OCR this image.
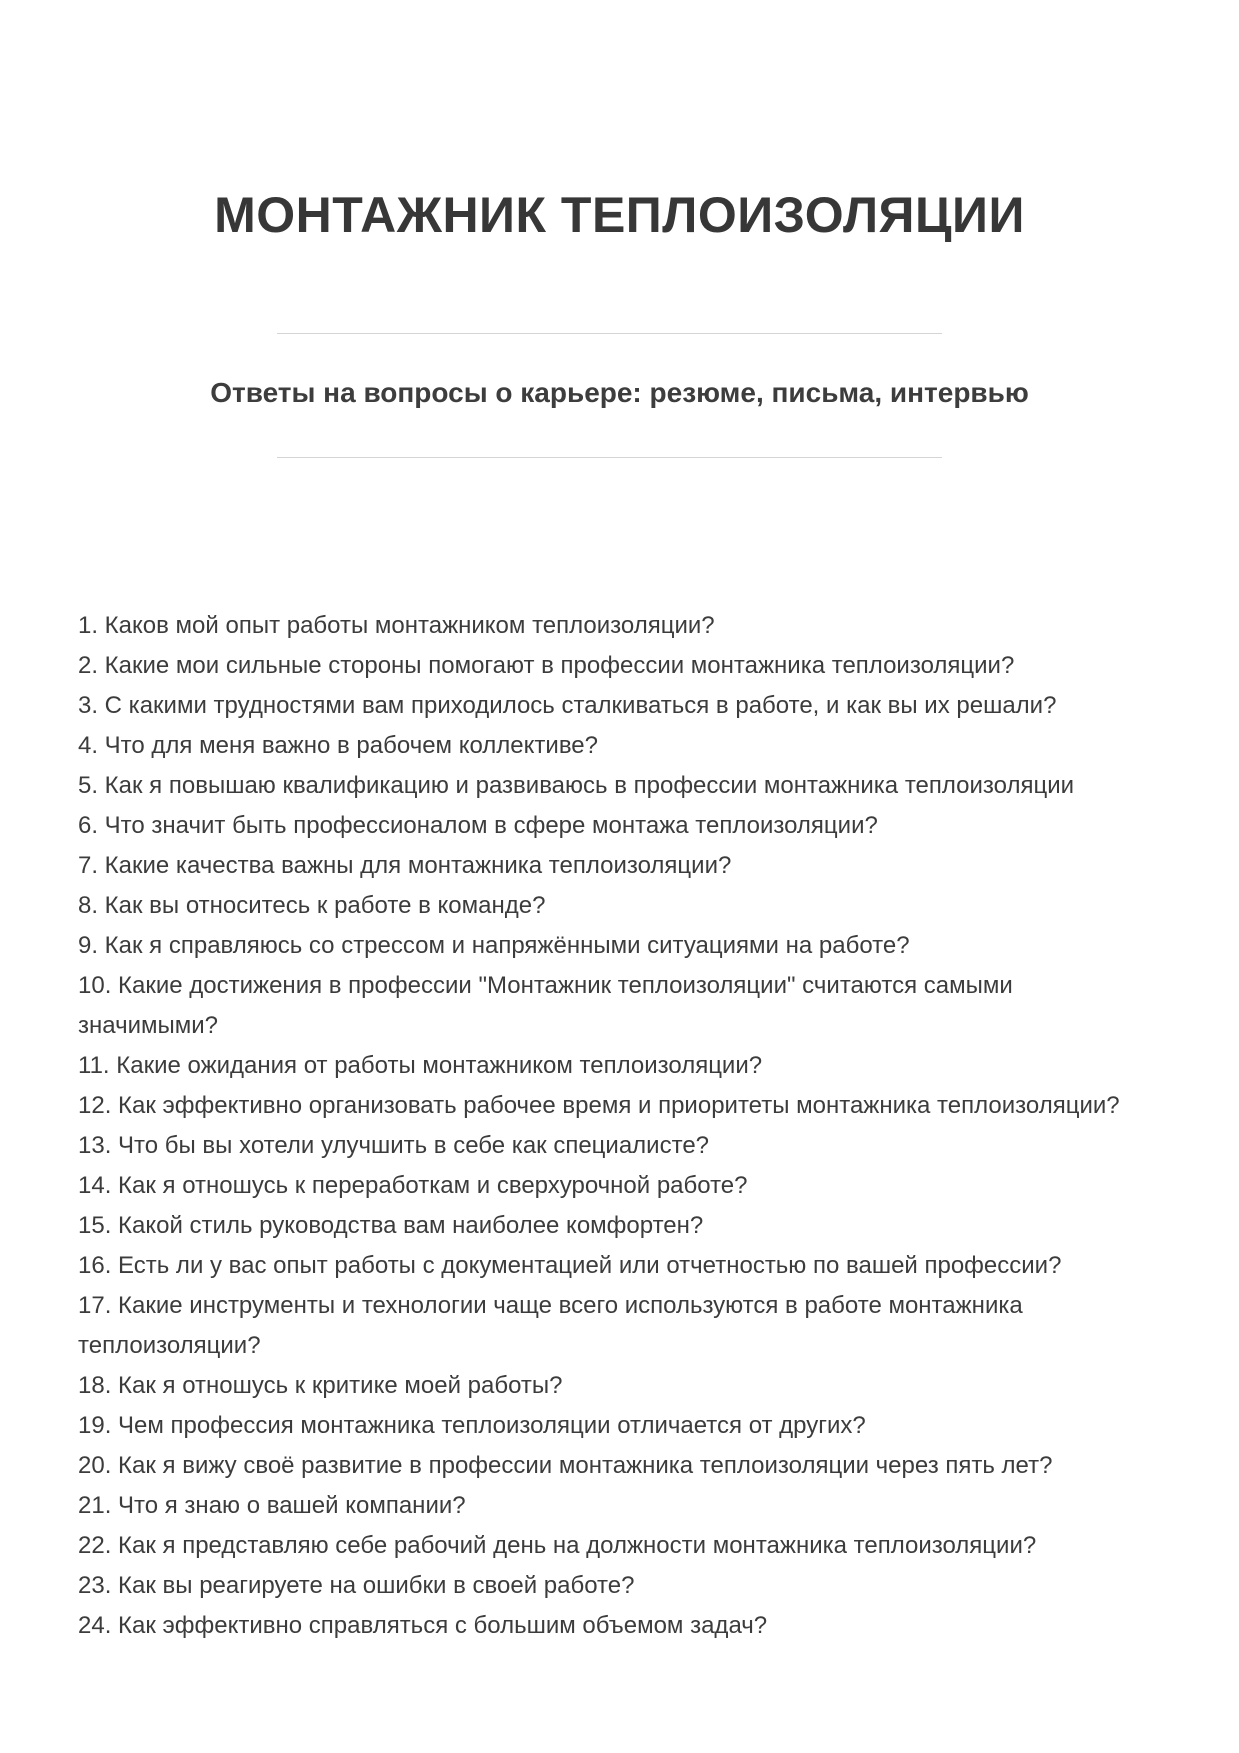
МОНТАЖНИК ТЕПЛОИЗОЛЯЦИИ
Ответы на вопросы о карьере: резюме, письма, интервью

1. Каков мой опыт работы монтажником теплоизоляции?

2. Какие мои сильные стороны помогают в профессии монтажника теплоизоляции?

3. С какими трудностями вам приходилось сталкиваться в работе, и как вы их решали?

4. Что для меня важно в рабочем коллективе?

5. Как я повышаю квалификацию и развиваюсь в профессии монтажника теплоизоляции

6. Что значит быть профессионалом в сфере монтажа теплоизоляции?

7. Какие качества важны для монтажника теплоизоляции?

8. Как вы относитесь к работе в команде?

9. Как я справляюсь со стрессом и напряжёнными ситуациями на работе?

10. Какие достижения в профессии "Монтажник теплоизоляции" считаются самыми значимыми?

11. Какие ожидания от работы монтажником теплоизоляции?

12. Как эффективно организовать рабочее время и приоритеты монтажника теплоизоляции?

13. Что бы вы хотели улучшить в себе как специалисте?

14. Как я отношусь к переработкам и сверхурочной работе?

15. Какой стиль руководства вам наиболее комфортен?

16. Есть ли у вас опыт работы с документацией или отчетностью по вашей профессии?

17. Какие инструменты и технологии чаще всего используются в работе монтажника теплоизоляции?

18. Как я отношусь к критике моей работы?

19. Чем профессия монтажника теплоизоляции отличается от других?

20. Как я вижу своё развитие в профессии монтажника теплоизоляции через пять лет?

21. Что я знаю о вашей компании?

22. Как я представляю себе рабочий день на должности монтажника теплоизоляции?

23. Как вы реагируете на ошибки в своей работе?

24. Как эффективно справляться с большим объемом задач?
